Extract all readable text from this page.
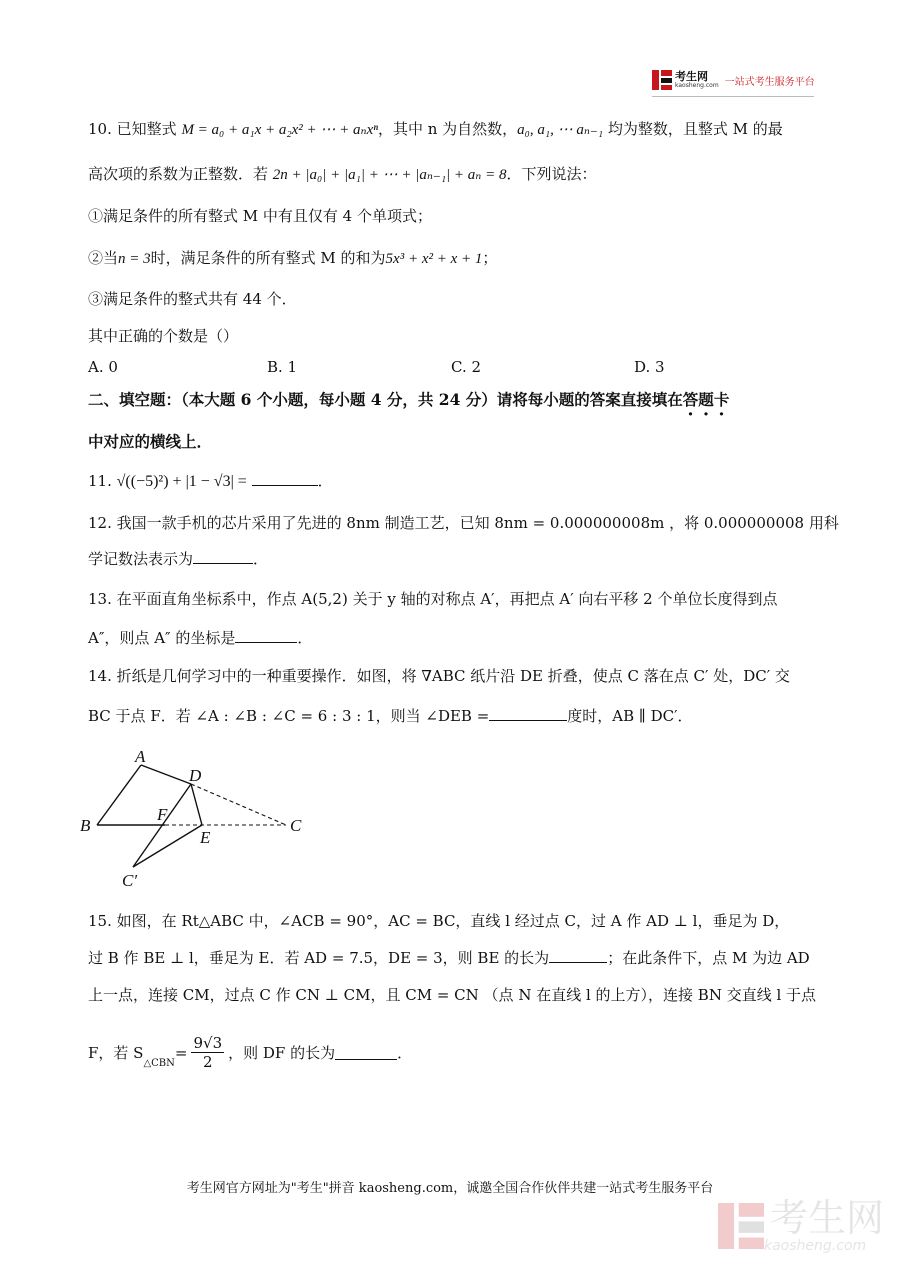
考生网
kaosheng.com 一站式考生服务平台
10. 已知整式 M = a₀ + a₁x + a₂x² + ⋯ + aₙxⁿ，其中 n 为自然数，a₀, a₁, ⋯ aₙ₋₁ 均为整数，且整式 M 的最
高次项的系数为正整数．若 2n + |a₀| + |a₁| + ⋯ + |aₙ₋₁| + aₙ = 8．下列说法：
①满足条件的所有整式 M 中有且仅有 4 个单项式；
②当n = 3时，满足条件的所有整式 M 的和为5x³ + x² + x + 1；
③满足条件的整式共有 44 个．
其中正确的个数是（）
A. 0	B. 1	C. 2	D. 3
二、填空题：（本大题 6 个小题，每小题 4 分，共 24 分）请将每小题的答案直接填在答题卡
中对应的横线上．
11. √((−5)²) + |1 − √3| =	．
12. 我国一款手机的芯片采用了先进的 8nm 制造工艺，已知 8nm = 0.000000008m ，将 0.000000008 用科
学记数法表示为	．
13. 在平面直角坐标系中，作点 A(5,2) 关于 y 轴的对称点 A′，再把点 A′ 向右平移 2 个单位长度得到点
A″，则点 A″ 的坐标是	．
14. 折纸是几何学习中的一种重要操作．如图，将 ∇ABC 纸片沿 DE 折叠，使点 C 落在点 C′ 处，DC′ 交
BC 于点 F．若 ∠A : ∠B : ∠C = 6 : 3 : 1，则当 ∠DEB =	度时，AB ∥ DC′．
A
B	C
D
E
F
C′
15. 如图，在 Rt△ABC 中，∠ACB = 90°，AC = BC，直线 l 经过点 C，过 A 作 AD ⊥ l，垂足为 D，
过 B 作 BE ⊥ l，垂足为 E．若 AD = 7.5，DE = 3，则 BE 的长为	；在此条件下，点 M 为边 AD
上一点，连接 CM，过点 C 作 CN ⊥ CM，且 CM = CN （点 N 在直线 l 的上方），连接 BN 交直线 l 于点
F，若 S
$_{\triangle CBN}$
= $\frac{9√3}{2}$ ，则 DF 的长为	．
考生网官方网址为"考生"拼音 kaosheng.com，诚邀全国合作伙伴共建一站式考生服务平台
考生网
kaosheng.com
